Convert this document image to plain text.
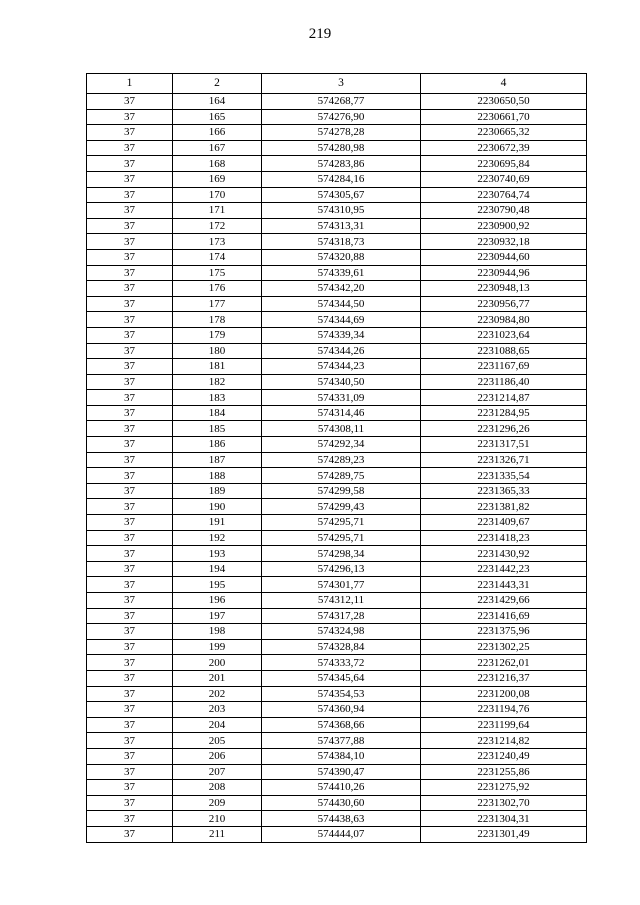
219
1	2	3	4
37	164	574268,77	2230650,50
37	165	574276,90	2230661,70
37	166	574278,28	2230665,32
37	167	574280,98	2230672,39
37	168	574283,86	2230695,84
37	169	574284,16	2230740,69
37	170	574305,67	2230764,74
37	171	574310,95	2230790,48
37	172	574313,31	2230900,92
37	173	574318,73	2230932,18
37	174	574320,88	2230944,60
37	175	574339,61	2230944,96
37	176	574342,20	2230948,13
37	177	574344,50	2230956,77
37	178	574344,69	2230984,80
37	179	574339,34	2231023,64
37	180	574344,26	2231088,65
37	181	574344,23	2231167,69
37	182	574340,50	2231186,40
37	183	574331,09	2231214,87
37	184	574314,46	2231284,95
37	185	574308,11	2231296,26
37	186	574292,34	2231317,51
37	187	574289,23	2231326,71
37	188	574289,75	2231335,54
37	189	574299,58	2231365,33
37	190	574299,43	2231381,82
37	191	574295,71	2231409,67
37	192	574295,71	2231418,23
37	193	574298,34	2231430,92
37	194	574296,13	2231442,23
37	195	574301,77	2231443,31
37	196	574312,11	2231429,66
37	197	574317,28	2231416,69
37	198	574324,98	2231375,96
37	199	574328,84	2231302,25
37	200	574333,72	2231262,01
37	201	574345,64	2231216,37
37	202	574354,53	2231200,08
37	203	574360,94	2231194,76
37	204	574368,66	2231199,64
37	205	574377,88	2231214,82
37	206	574384,10	2231240,49
37	207	574390,47	2231255,86
37	208	574410,26	2231275,92
37	209	574430,60	2231302,70
37	210	574438,63	2231304,31
37	211	574444,07	2231301,49
